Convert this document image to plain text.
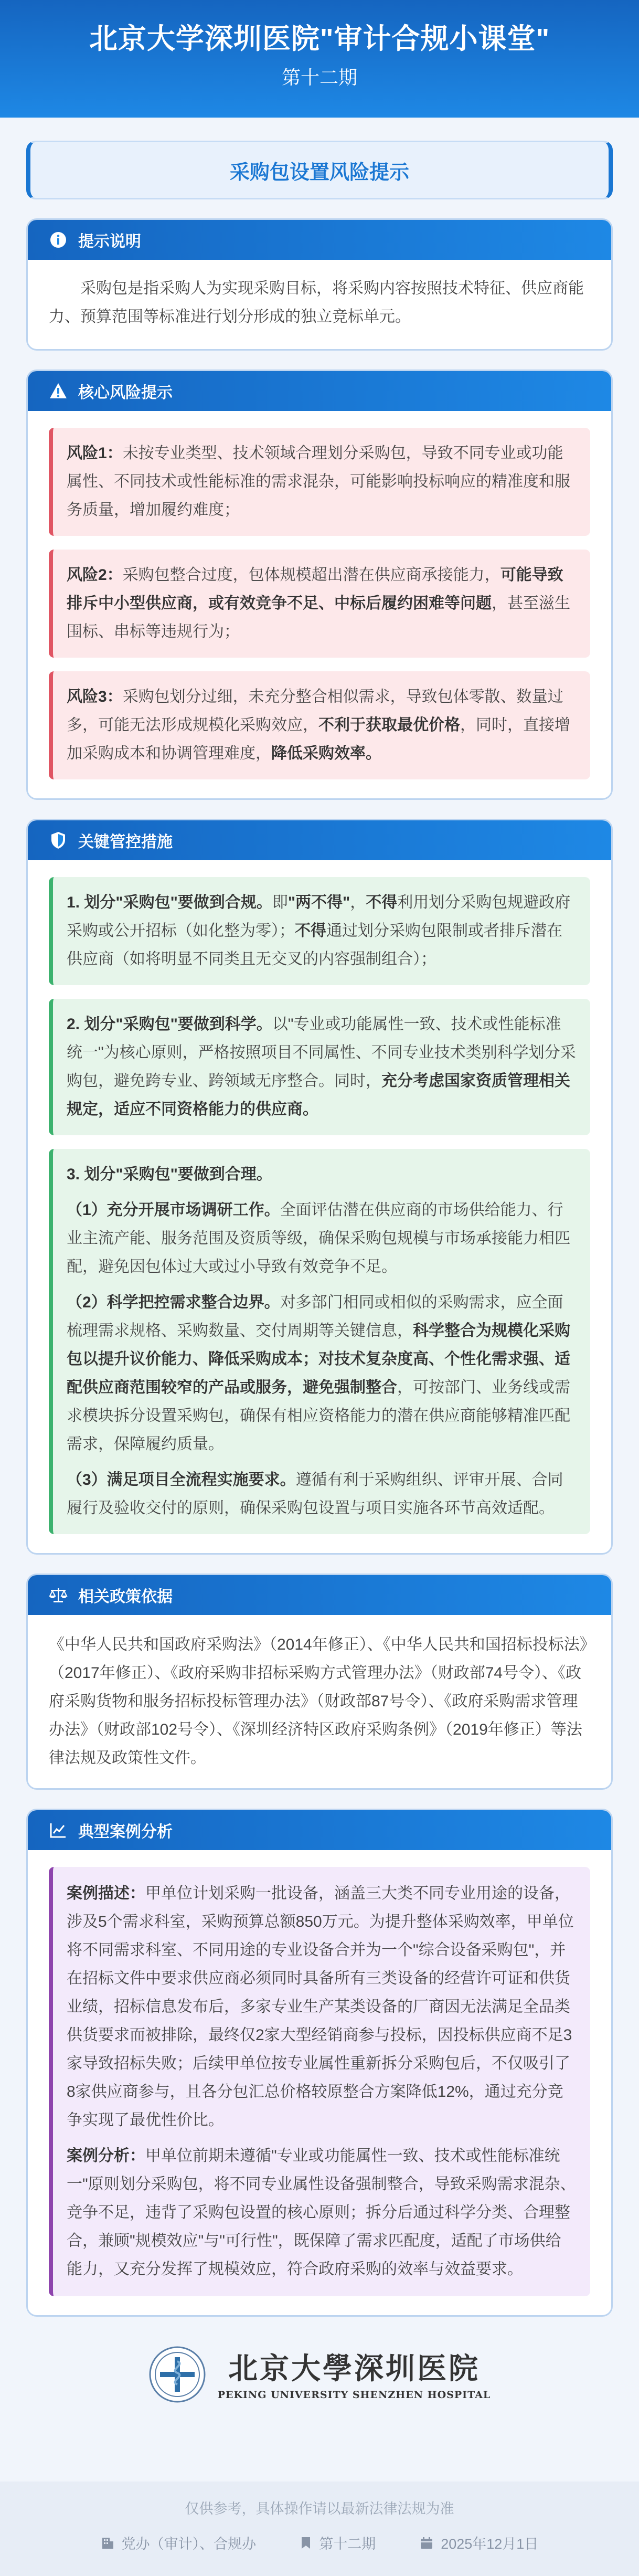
北京大学深圳医院"审计合规小课堂"
第十二期
采购包设置风险提示
提示说明

采购包是指采购人为实现采购目标，将采购内容按照技术特征、供应商能力、预算范围等标准进行划分形成的独立竞标单元。

核心风险提示
风险1：未按专业类型、技术领域合理划分采购包，导致不同专业或功能属性、不同技术或性能标准的需求混杂，可能影响投标响应的精准度和服务质量，增加履约难度；
风险2：采购包整合过度，包体规模超出潜在供应商承接能力，可能导致排斥中小型供应商，或有效竞争不足、中标后履约困难等问题，甚至滋生围标、串标等违规行为；
风险3：采购包划分过细，未充分整合相似需求，导致包体零散、数量过多，可能无法形成规模化采购效应，不利于获取最优价格，同时，直接增加采购成本和协调管理难度，降低采购效率。
关键管控措施
1. 划分"采购包"要做到合规。即"两不得"，不得利用划分采购包规避政府采购或公开招标（如化整为零）；不得通过划分采购包限制或者排斥潜在供应商（如将明显不同类且无交叉的内容强制组合）；
2. 划分"采购包"要做到科学。以"专业或功能属性一致、技术或性能标准统一"为核心原则，严格按照项目不同属性、不同专业技术类别科学划分采购包，避免跨专业、跨领域无序整合。同时，充分考虑国家资质管理相关规定，适应不同资格能力的供应商。
3. 划分"采购包"要做到合理。
（1）充分开展市场调研工作。全面评估潜在供应商的市场供给能力、行业主流产能、服务范围及资质等级，确保采购包规模与市场承接能力相匹配，避免因包体过大或过小导致有效竞争不足。
（2）科学把控需求整合边界。对多部门相同或相似的采购需求，应全面梳理需求规格、采购数量、交付周期等关键信息，科学整合为规模化采购包以提升议价能力、降低采购成本；对技术复杂度高、个性化需求强、适配供应商范围较窄的产品或服务，避免强制整合，可按部门、业务线或需求模块拆分设置采购包，确保有相应资格能力的潜在供应商能够精准匹配需求，保障履约质量。
（3）满足项目全流程实施要求。遵循有利于采购组织、评审开展、合同履行及验收交付的原则，确保采购包设置与项目实施各环节高效适配。
相关政策依据

《中华人民共和国政府采购法》（2014年修正）、《中华人民共和国招标投标法》（2017年修正）、《政府采购非招标采购方式管理办法》（财政部74号令）、《政府采购货物和服务招标投标管理办法》（财政部87号令）、《政府采购需求管理办法》（财政部102号令）、《深圳经济特区政府采购条例》（2019年修正）等法律法规及政策性文件。

典型案例分析

案例描述：甲单位计划采购一批设备，涵盖三大类不同专业用途的设备，涉及5个需求科室，采购预算总额850万元。为提升整体采购效率，甲单位将不同需求科室、不同用途的专业设备合并为一个"综合设备采购包"，并在招标文件中要求供应商必须同时具备所有三类设备的经营许可证和供货业绩，招标信息发布后，多家专业生产某类设备的厂商因无法满足全品类供货要求而被排除，最终仅2家大型经销商参与投标，因投标供应商不足3家导致招标失败；后续甲单位按专业属性重新拆分采购包后，不仅吸引了8家供应商参与，且各分包汇总价格较原整合方案降低12%，通过充分竞争实现了最优性价比。

案例分析：甲单位前期未遵循"专业或功能属性一致、技术或性能标准统一"原则划分采购包，将不同专业属性设备强制整合，导致采购需求混杂、竞争不足，违背了采购包设置的核心原则；拆分后通过科学分类、合理整合，兼顾"规模效应"与"可行性"，既保障了需求匹配度，适配了市场供给能力，又充分发挥了规模效应，符合政府采购的效率与效益要求。

北京大學深圳医院
PEKING UNIVERSITY SHENZHEN HOSPITAL
仅供参考，具体操作请以最新法律法规为准
党办（审计）、合规办	第十二期	2025年12月1日
